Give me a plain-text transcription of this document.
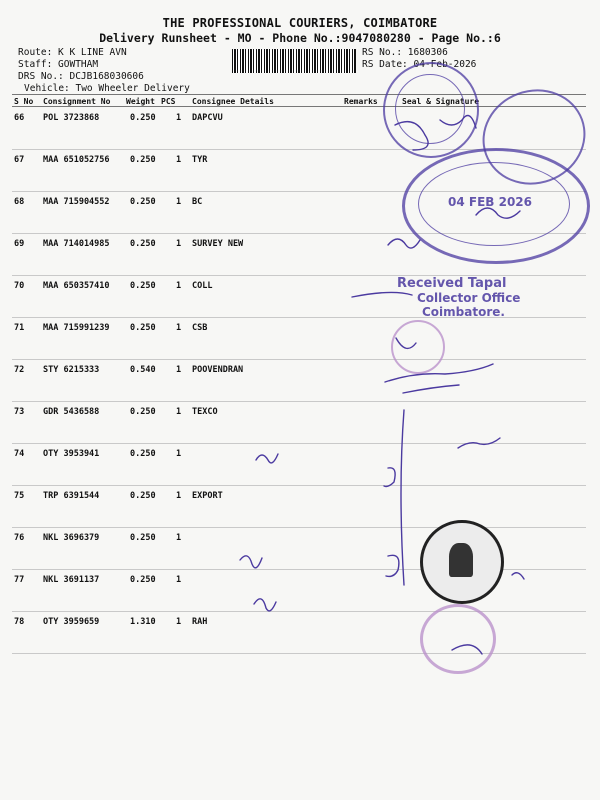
THE PROFESSIONAL COURIERS, COIMBATORE
Delivery Runsheet - MO - Phone No.:9047080280 - Page No.:6
Route: K K LINE AVN
Staff: GOWTHAM
DRS No.: DCJB168030606
Vehicle: Two Wheeler Delivery
RS No.: 1680306
RS Date: 04-Feb-2026
S No Consignment No Weight PCS Consignee Details	Remarks	Seal & Signature
66 POL 3723868	0.250 1 DAPCVU
67 MAA 651052756 0.250 1 TYR
68 MAA 715904552 0.250 1 BC
69 MAA 714014985 0.250 1 SURVEY NEW
70 MAA 650357410 0.250 1 COLL
71 MAA 715991239 0.250 1 CSB
72 STY 6215333	0.540 1 POOVENDRAN
73 GDR 5436588	0.250 1 TEXCO
74 OTY 3953941	0.250 1
75 TRP 6391544	0.250 1 EXPORT
76 NKL 3696379	0.250 1
77 NKL 3691137	0.250 1
78 OTY 3959659	1.310 1 RAH
04 FEB 2026
Received Tapal
Collector Office
Coimbatore.
